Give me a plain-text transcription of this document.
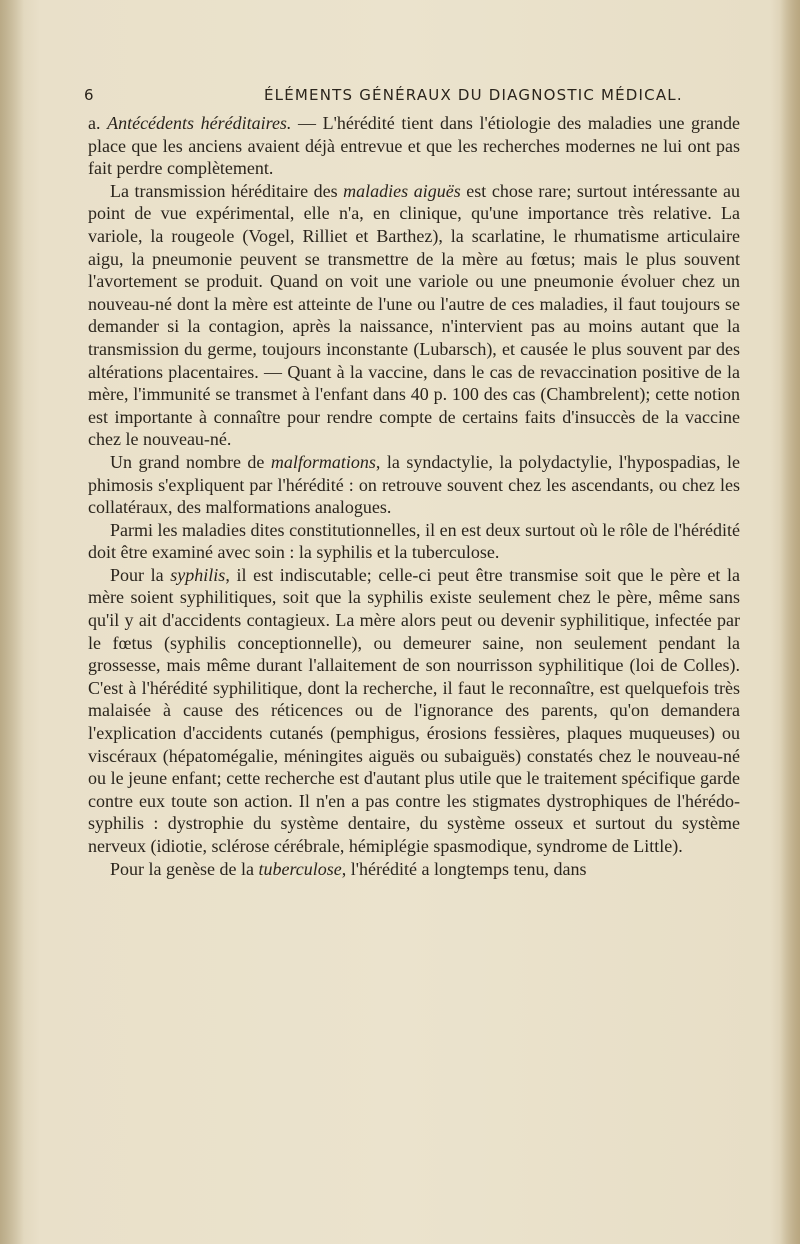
6	ÉLÉMENTS GÉNÉRAUX DU DIAGNOSTIC MÉDICAL.

a. Antécédents héréditaires. — L'hérédité tient dans l'étiologie des maladies une grande place que les anciens avaient déjà entrevue et que les recherches modernes ne lui ont pas fait perdre complètement.

La transmission héréditaire des maladies aiguës est chose rare; surtout intéressante au point de vue expérimental, elle n'a, en clinique, qu'une importance très relative. La variole, la rougeole (Vogel, Rilliet et Barthez), la scarlatine, le rhumatisme articulaire aigu, la pneumonie peuvent se transmettre de la mère au fœtus; mais le plus souvent l'avortement se produit. Quand on voit une variole ou une pneumonie évoluer chez un nouveau-né dont la mère est atteinte de l'une ou l'autre de ces maladies, il faut toujours se demander si la contagion, après la naissance, n'intervient pas au moins autant que la transmission du germe, toujours inconstante (Lubarsch), et causée le plus souvent par des altérations placentaires. — Quant à la vaccine, dans le cas de revaccination positive de la mère, l'immunité se transmet à l'enfant dans 40 p. 100 des cas (Chambrelent); cette notion est importante à connaître pour rendre compte de certains faits d'insuccès de la vaccine chez le nouveau-né.

Un grand nombre de malformations, la syndactylie, la polydactylie, l'hypospadias, le phimosis s'expliquent par l'hérédité : on retrouve souvent chez les ascendants, ou chez les collatéraux, des malformations analogues.

Parmi les maladies dites constitutionnelles, il en est deux surtout où le rôle de l'hérédité doit être examiné avec soin : la syphilis et la tuberculose.

Pour la syphilis, il est indiscutable; celle-ci peut être transmise soit que le père et la mère soient syphilitiques, soit que la syphilis existe seulement chez le père, même sans qu'il y ait d'accidents contagieux. La mère alors peut ou devenir syphilitique, infectée par le fœtus (syphilis conceptionnelle), ou demeurer saine, non seulement pendant la grossesse, mais même durant l'allaitement de son nourrisson syphilitique (loi de Colles). C'est à l'hérédité syphilitique, dont la recherche, il faut le reconnaître, est quelquefois très malaisée à cause des réticences ou de l'ignorance des parents, qu'on demandera l'explication d'accidents cutanés (pemphigus, érosions fessières, plaques muqueuses) ou viscéraux (hépatomégalie, méningites aiguës ou subaiguës) constatés chez le nouveau-né ou le jeune enfant; cette recherche est d'autant plus utile que le traitement spécifique garde contre eux toute son action. Il n'en a pas contre les stigmates dystrophiques de l'hérédo-syphilis : dystrophie du système dentaire, du système osseux et surtout du système nerveux (idiotie, sclérose cérébrale, hémiplégie spasmodique, syndrome de Little).

Pour la genèse de la tuberculose, l'hérédité a longtemps tenu, dans
